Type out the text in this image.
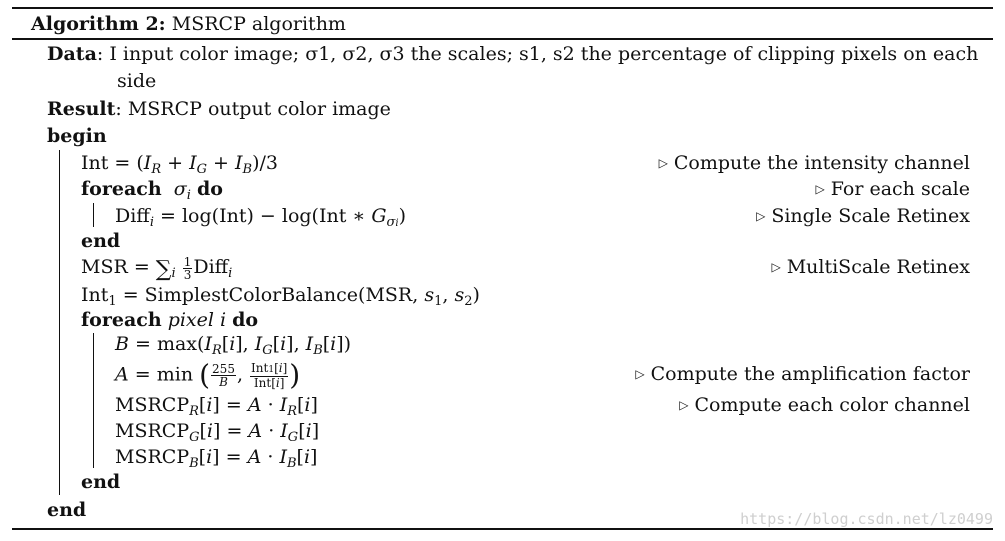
Algorithm 2: MSRCP algorithm
Data: I input color image; σ1, σ2, σ3 the scales; s1, s2 the percentage of clipping pixels on each
side
Result: MSRCP output color image
begin
Int = $(I_R + I_G + I_B)/3$	▷ Compute the intensity channel
foreach $\sigma_i$ do	▷ For each scale
Diff$_i$ = log(Int) − log(Int ∗ $G_{\sigma i}$)	▷ Single Scale Retinex
end
MSR = $\sum_i \frac{1}{3}$ Diff$_i$	▷ MultiScale Retinex
Int$_1$ = SimplestColorBalance(MSR, $s_1$, $s_2$)
foreach pixel i do
$B = \max(I_R[i]$, $I_G[i]$, $I_B[i]$)
A = min ( $\frac{255}{B}$ , $\frac{\text{Int1[i]}}{\text{Int[i]}}$ )	▷ Compute the amplification factor
$MSRCP_R[i] = A \cdot I_R[i]$	▷ Compute each color channel
$MSRCP_G[i] = A \cdot I_G[i]$
$MSRCP_B[i] = A \cdot I_B[i]$
end
end	https://blog.csdn.net/lz0499
